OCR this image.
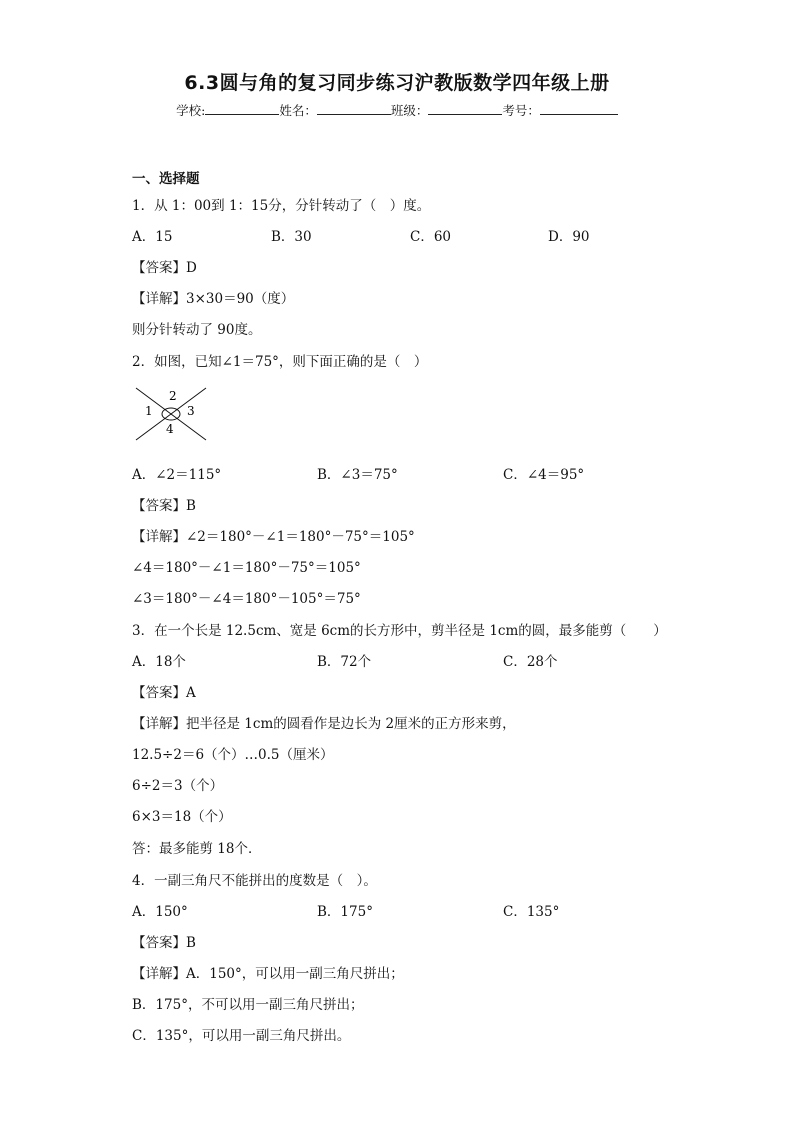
6.3圆与角的复习同步练习沪教版数学四年级上册
学校:	姓名：	班级：	考号：
一、选择题
1．从 1：00到 1：15分，分针转动了（　）度。
A．15	B．30	C．60	D．90
【答案】D
【详解】3×30＝90（度）
则分针转动了 90度。
2．如图，已知∠1＝75°，则下面正确的是（　）
1
2
3
4
A．∠2＝115°	B．∠3＝75°	C．∠4＝95°
【答案】B
【详解】∠2＝180°－∠1＝180°－75°＝105°
∠4＝180°－∠1＝180°－75°＝105°
∠3＝180°－∠4＝180°－105°＝75°
3．在一个长是 12.5cm、宽是 6cm的长方形中，剪半径是 1cm的圆，最多能剪（　　）
A．18个	B．72个	C．28个
【答案】A
【详解】把半径是 1cm的圆看作是边长为 2厘米的正方形来剪，
12.5÷2＝6（个）…0.5（厘米）
6÷2＝3（个）
6×3＝18（个）
答：最多能剪 18个．
4．一副三角尺不能拼出的度数是（　）。
A．150°	B．175°	C．135°
【答案】B
【详解】A．150°，可以用一副三角尺拼出；
B．175°，不可以用一副三角尺拼出；
C．135°，可以用一副三角尺拼出。
